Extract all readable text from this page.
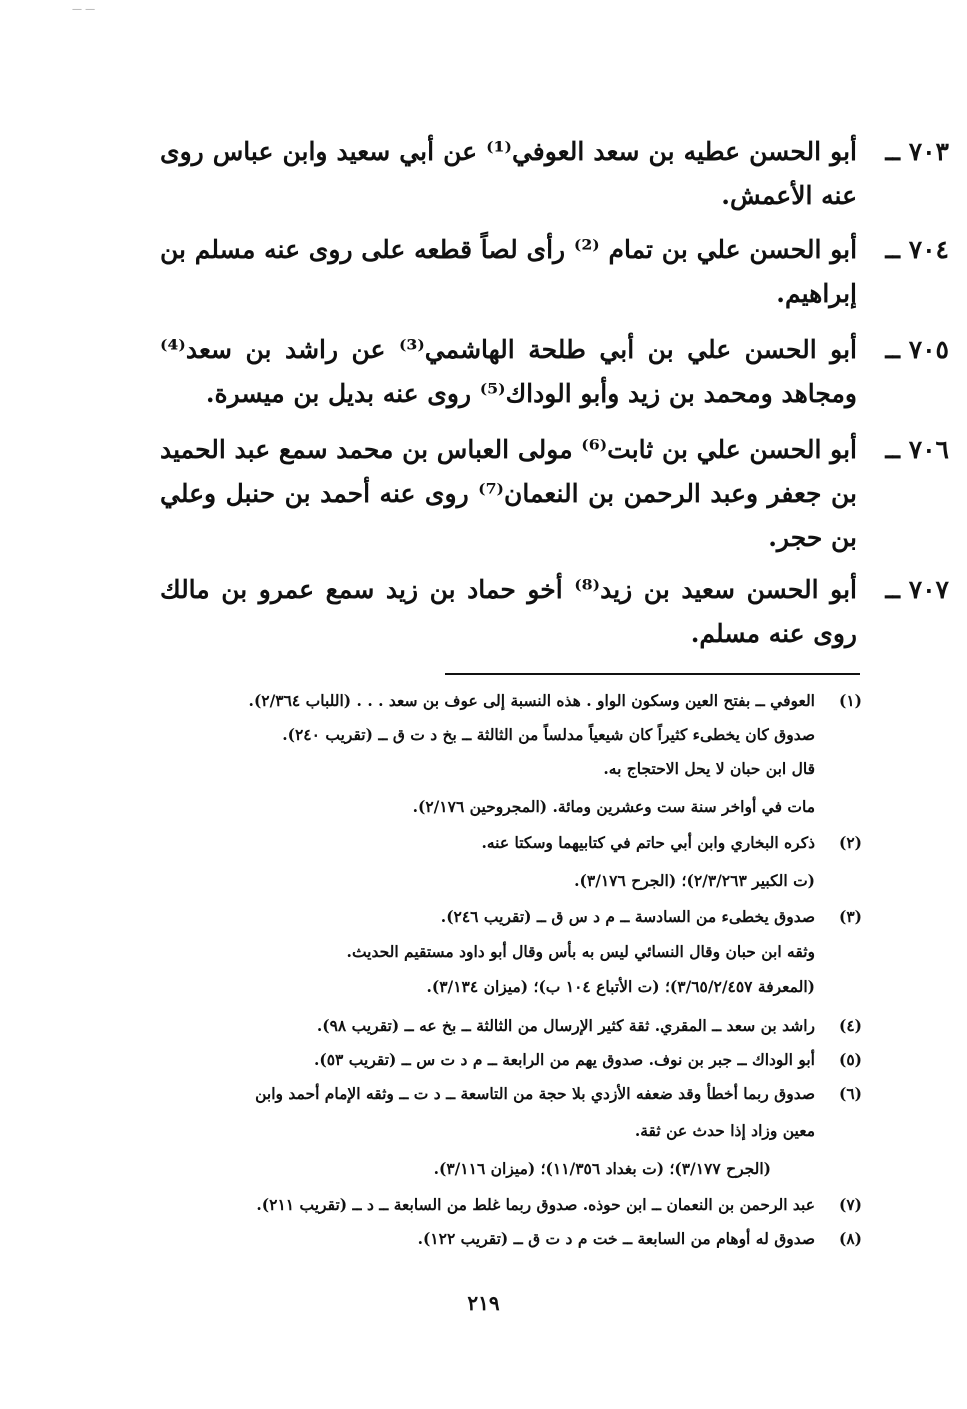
— —
٧٠٣ ــ
أبو الحسن عطيه بن سعد العوفي⁽¹⁾ عن أبي سعيد وابن عباس روى عنه الأعمش.
٧٠٤ ــ
أبو الحسن علي بن تمام ⁽²⁾ رأى لصاً قطعه على روى عنه مسلم بن إبراهيم.
٧٠٥ ــ
أبو الحسن علي بن أبي طلحة الهاشمي⁽³⁾ عن راشد بن سعد⁽⁴⁾ ومجاهد ومحمد بن زيد وأبو الوداك⁽⁵⁾ روى عنه بديل بن ميسرة.
٧٠٦ ــ
أبو الحسن علي بن ثابت⁽⁶⁾ مولى العباس بن محمد سمع عبد الحميد بن جعفر وعبد الرحمن بن النعمان⁽⁷⁾ روى عنه أحمد بن حنبل وعلي بن حجر.
٧٠٧ ــ
أبو الحسن سعيد بن زيد⁽⁸⁾ أخو حماد بن زيد سمع عمرو بن مالك روى عنه مسلم.
(١)
العوفي ــ بفتح العين وسكون الواو . هذه النسبة إلى عوف بن سعد . . . (اللباب ٢/٣٦٤).
صدوق كان يخطىء كثيراً كان شيعياً مدلساً من الثالثة ــ بخ د ت ق ــ (تقريب ٢٤٠).
قال ابن حبان لا يحل الاحتجاج به.
مات في أواخر سنة ست وعشرين ومائة. (المجروحين ٢/١٧٦).
(٢)
ذكره البخاري وابن أبي حاتم في كتابيهما وسكتا عنه.
(ت الكبير ٢/٣/٢٦٣)؛ (الجرح ٣/١٧٦).
(٣)
صدوق يخطىء من السادسة ــ م د س ق ــ (تقريب ٢٤٦).
وثقه ابن حبان وقال النسائي ليس به بأس وقال أبو داود مستقيم الحديث.
(المعرفة ٣/٦٥/٢/٤٥٧)؛ (ت الأتباع ١٠٤ ب)؛ (ميزان ٣/١٣٤).
(٤)
راشد بن سعد ــ المقري. ثقة كثير الإرسال من الثالثة ــ بخ عه ــ (تقريب ٩٨).
(٥)
أبو الوداك ــ جبر بن نوف. صدوق يهم من الرابعة ــ م د ت س ــ (تقريب ٥٣).
(٦)
صدوق ربما أخطأ وقد ضعفه الأزدي بلا حجة من التاسعة ــ د ت ــ وثقه الإمام أحمد وابن
معين وزاد إذا حدث عن ثقة.
(الجرح ٣/١٧٧)؛ (ت بغداد ١١/٣٥٦)؛ (ميزان ٣/١١٦).
(٧)
عبد الرحمن بن النعمان ــ ابن حوذه. صدوق ربما غلط من السابعة ــ د ــ (تقريب ٢١١).
(٨)
صدوق له أوهام من السابعة ــ خت م د ت ق ــ (تقريب ١٢٢).
٢١٩
